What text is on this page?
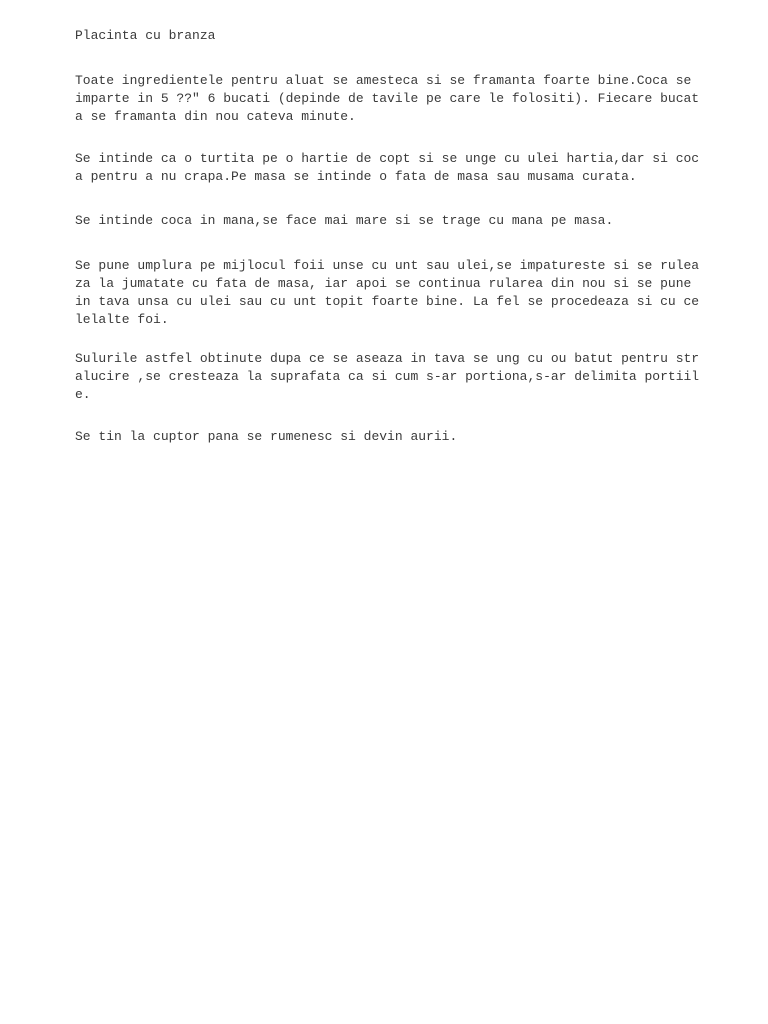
Placinta cu branza

Toate ingredientele pentru aluat se amesteca si se framanta foarte bine.Coca se
imparte in 5 ??" 6 bucati (depinde de tavile pe care le folositi). Fiecare bucat
a se framanta din nou cateva minute.

Se intinde ca o turtita pe o hartie de copt si se unge cu ulei hartia,dar si coc
a pentru a nu crapa.Pe masa se intinde o fata de masa sau musama curata.

Se intinde coca in mana,se face mai mare si se trage cu mana pe masa.

Se pune umplura pe mijlocul foii unse cu unt sau ulei,se impatureste si se rulea
za la jumatate cu fata de masa, iar apoi se continua rularea din nou si se pune
in tava unsa cu ulei sau cu unt topit foarte bine. La fel se procedeaza si cu ce
lelalte foi.

Sulurile astfel obtinute dupa ce se aseaza in tava se ung cu ou batut pentru str
alucire ,se cresteaza la suprafata ca si cum s-ar portiona,s-ar delimita portiil
e.

Se tin la cuptor pana se rumenesc si devin aurii.
